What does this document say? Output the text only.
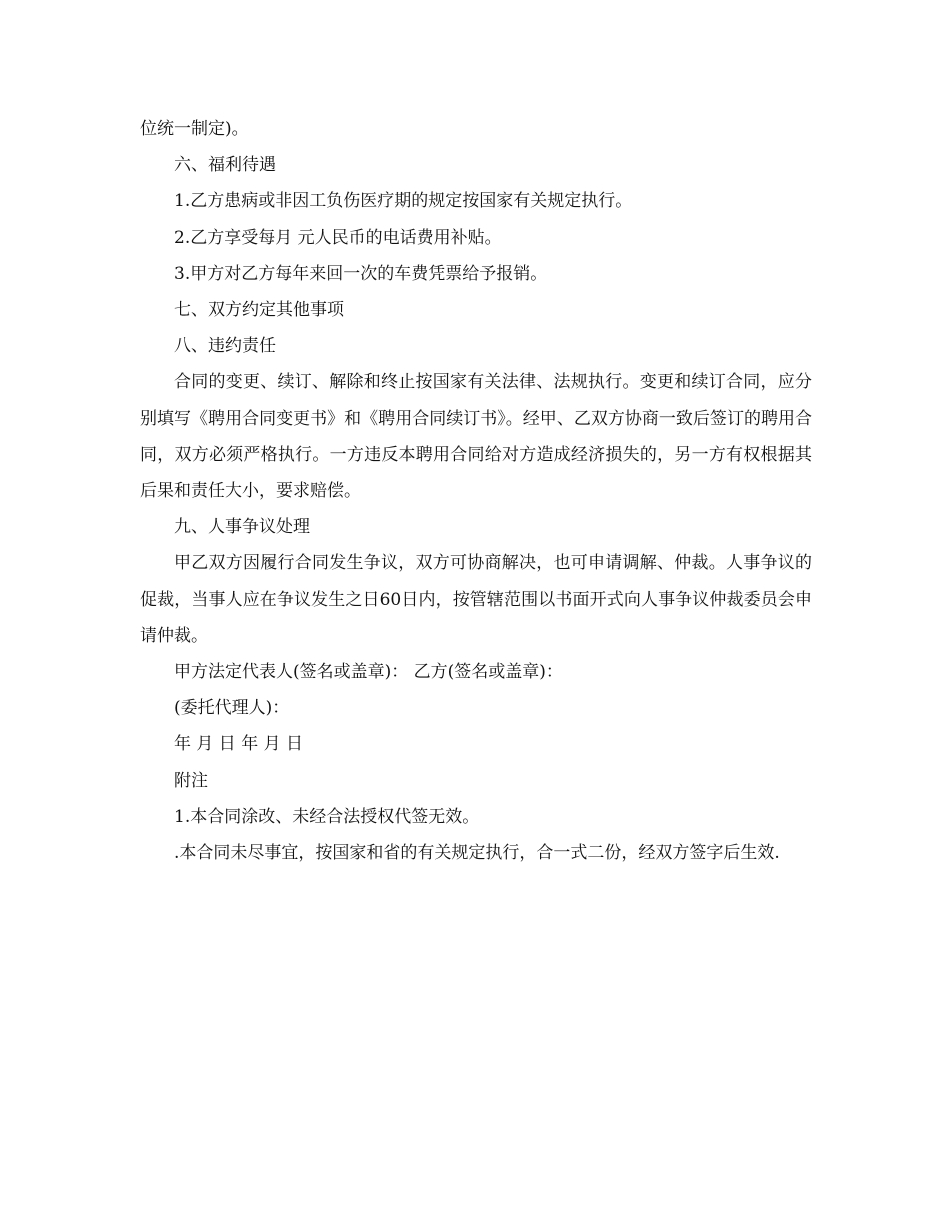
位统一制定)。

六、福利待遇

1.乙方患病或非因工负伤医疗期的规定按国家有关规定执行。

2.乙方享受每月 元人民币的电话费用补贴。

3.甲方对乙方每年来回一次的车费凭票给予报销。

七、双方约定其他事项

八、违约责任

合同的变更、续订、解除和终止按国家有关法律、法规执行。变更和续订合同，应分别填写《聘用合同变更书》和《聘用合同续订书》。经甲、乙双方协商一致后签订的聘用合同，双方必须严格执行。一方违反本聘用合同给对方造成经济损失的，另一方有权根据其后果和责任大小，要求赔偿。

九、人事争议处理

甲乙双方因履行合同发生争议，双方可协商解决，也可申请调解、仲裁。人事争议的促裁，当事人应在争议发生之日60日内，按管辖范围以书面开式向人事争议仲裁委员会申请仲裁。

甲方法定代表人(签名或盖章)： 乙方(签名或盖章)：

(委托代理人)：

年 月 日 年 月 日

附注

1.本合同涂改、未经合法授权代签无效。

.本合同未尽事宜，按国家和省的有关规定执行，合一式二份，经双方签字后生效.
